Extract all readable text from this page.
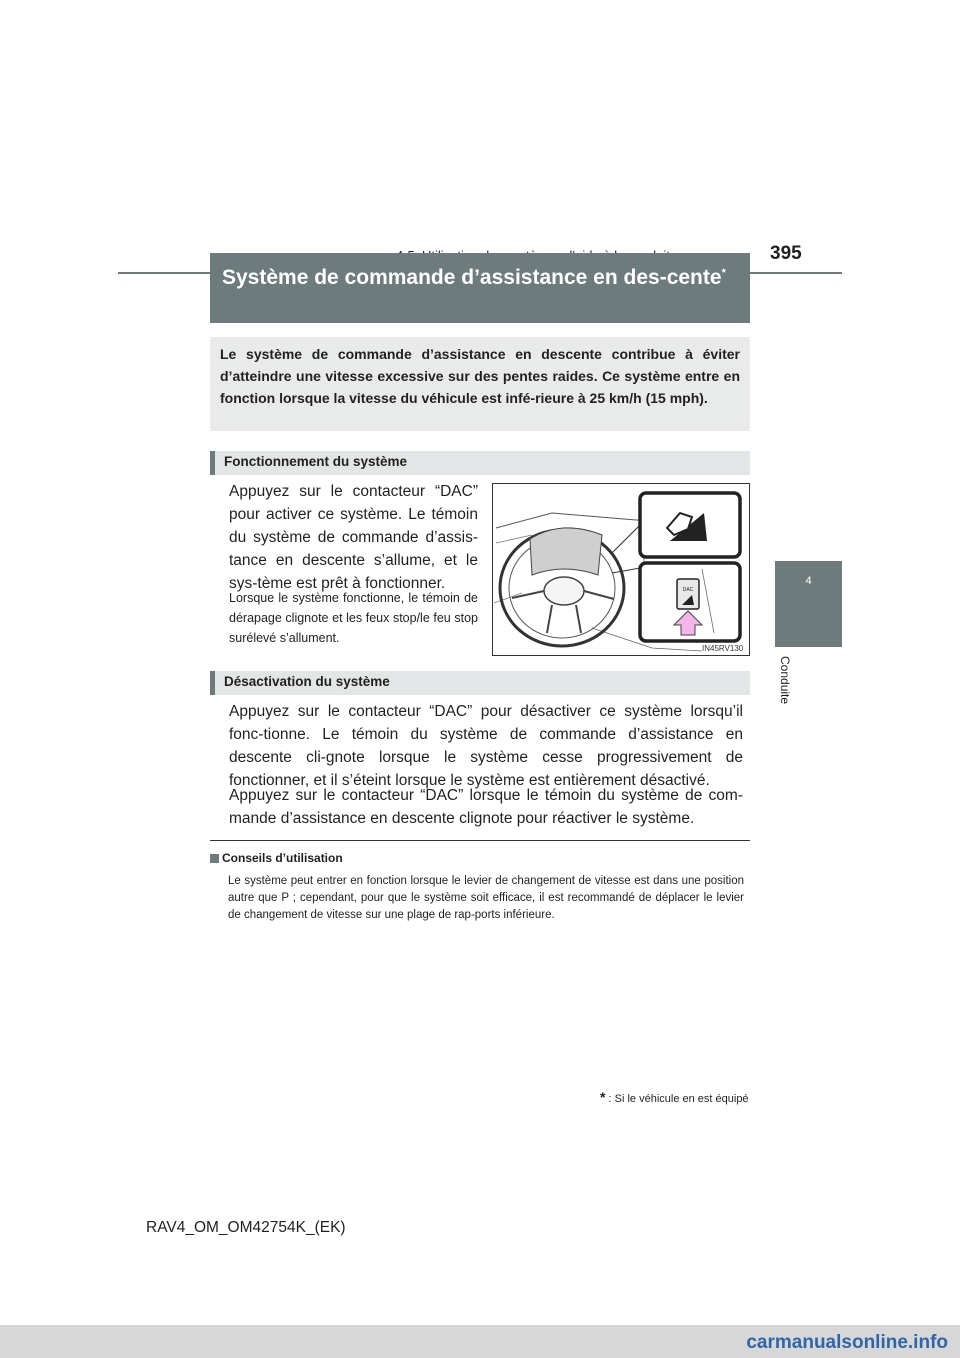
395
4
Conduite
Système de commande d’assistance en des-cente*
Le système de commande d’assistance en descente contribue à éviter d’atteindre une vitesse excessive sur des pentes raides. Ce système entre en fonction lorsque la vitesse du véhicule est infé-rieure à 25 km/h (15 mph).
Fonctionnement du système
Appuyez sur le contacteur “DAC” pour activer ce système. Le témoin du système de commande d’assis-tance en descente s’allume, et le sys-tème est prêt à fonctionner.
Lorsque le système fonctionne, le témoin de dérapage clignote et les feux stop/le feu stop surélevé s’allument.
DAC
IN45RV130
Désactivation du système
Appuyez sur le contacteur “DAC” pour désactiver ce système lorsqu’il fonc-tionne. Le témoin du système de commande d’assistance en descente cli-gnote lorsque le système cesse progressivement de fonctionner, et il s’éteint lorsque le système est entièrement désactivé.
Appuyez sur le contacteur “DAC” lorsque le témoin du système de com-mande d’assistance en descente clignote pour réactiver le système.
Conseils d’utilisation
Le système peut entrer en fonction lorsque le levier de changement de vitesse est dans une position autre que P ; cependant, pour que le système soit efficace, il est recommandé de déplacer le levier de changement de vitesse sur une plage de rap-ports inférieure.
* : Si le véhicule en est équipé
RAV4_OM_OM42754K_(EK)
carmanualsonline.info
